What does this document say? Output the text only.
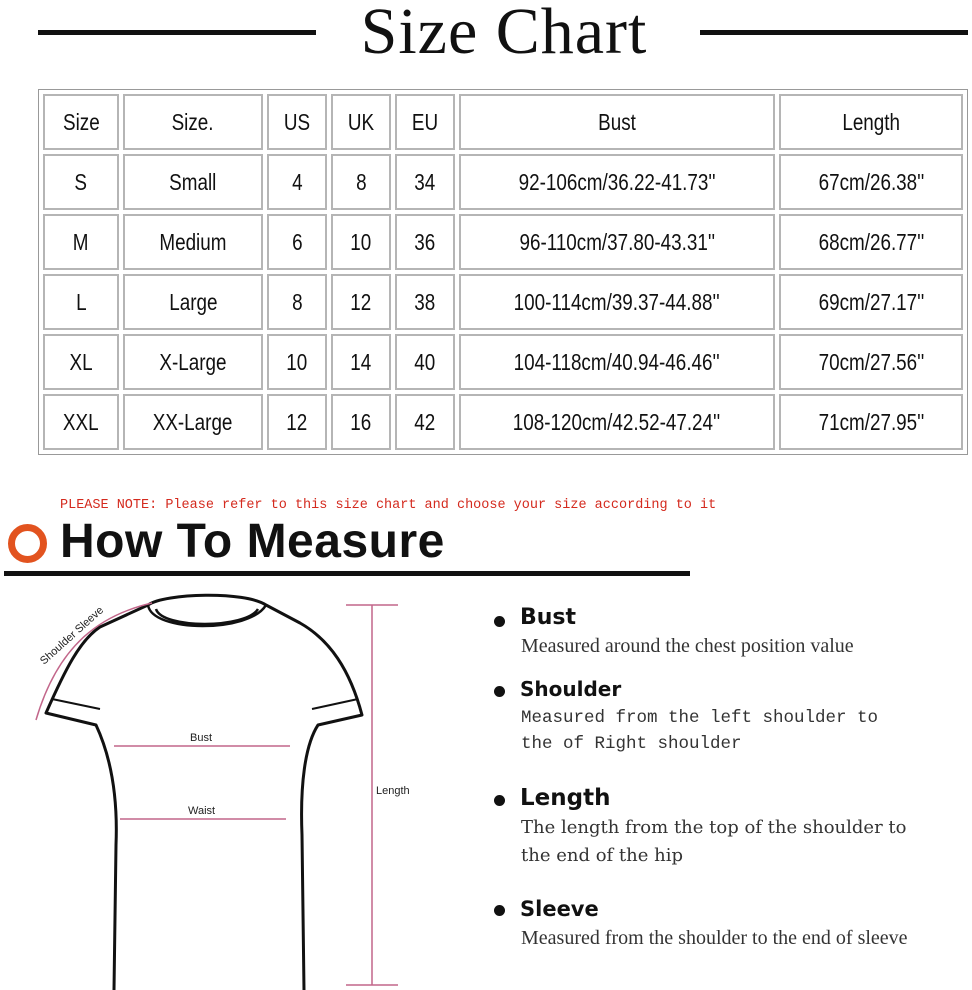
Size Chart
Size	Size.	US	UK	EU	Bust	Length
S	Small	4	8	34	92-106cm/36.22-41.73''	67cm/26.38''
M	Medium	6	10	36	96-110cm/37.80-43.31''	68cm/26.77''
L	Large	8	12	38	100-114cm/39.37-44.88''	69cm/27.17''
XL	X-Large	10	14	40	104-118cm/40.94-46.46''	70cm/27.56''
XXL	XX-Large	12	16	42	108-120cm/42.52-47.24''	71cm/27.95''
PLEASE NOTE: Please refer to this size chart and choose your size according to it
How To Measure
Shoulder Sleeve
Bust
Waist
Length
Bust
Measured around the chest position value
Shoulder
Measured from the left shoulder to the of Right shoulder
Length
The length from the top of the shoulder to the end of the hip
Sleeve
Measured from the shoulder to the end of sleeve
